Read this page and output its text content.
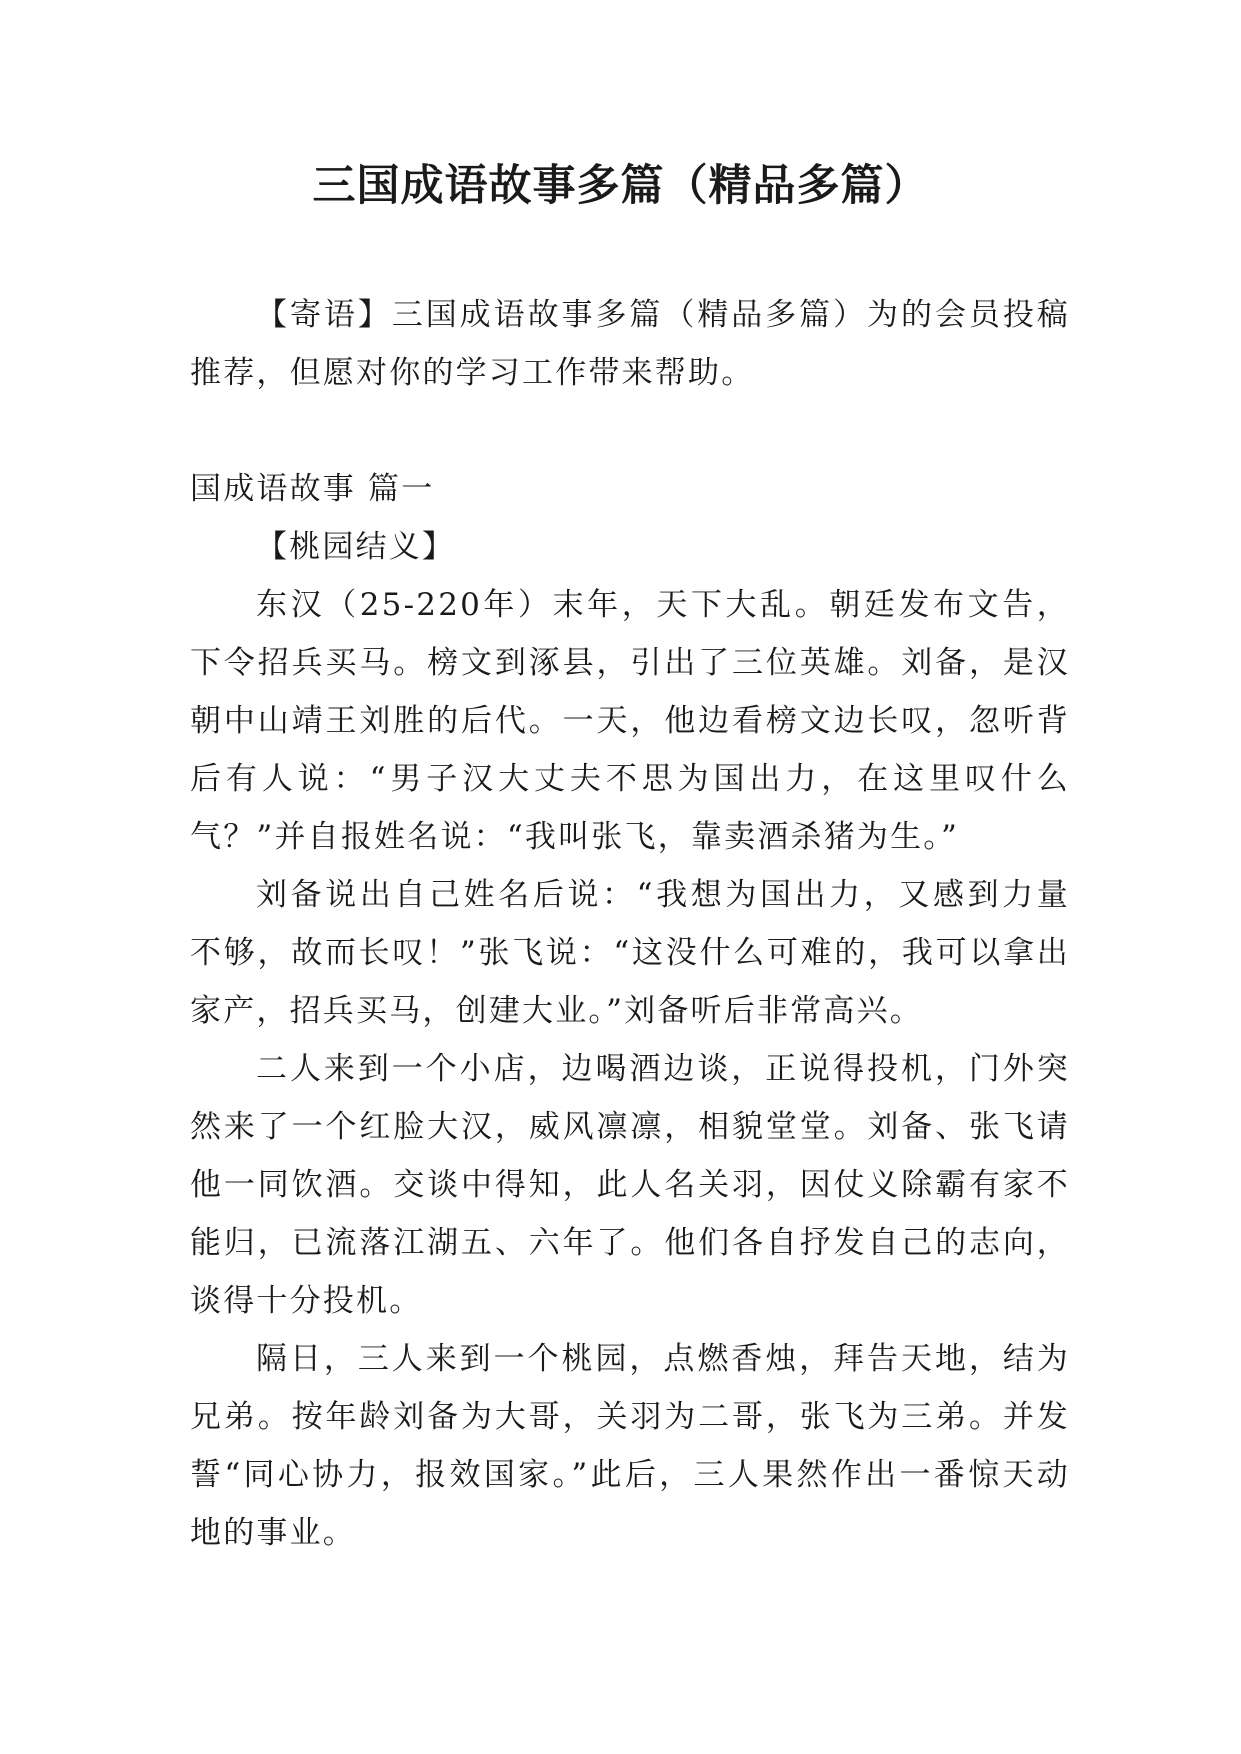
三国成语故事多篇（精品多篇）

【寄语】三国成语故事多篇（精品多篇）为的会员投稿推荐，但愿对你的学习工作带来帮助。

国成语故事 篇一

【桃园结义】

东汉（25-220年）末年，天下大乱。朝廷发布文告，下令招兵买马。榜文到涿县，引出了三位英雄。刘备，是汉朝中山靖王刘胜的后代。一天，他边看榜文边长叹，忽听背后有人说：“男子汉大丈夫不思为国出力，在这里叹什么气？”并自报姓名说：“我叫张飞，靠卖酒杀猪为生。”

刘备说出自己姓名后说：“我想为国出力，又感到力量不够，故而长叹！”张飞说：“这没什么可难的，我可以拿出家产，招兵买马，创建大业。”刘备听后非常高兴。

二人来到一个小店，边喝酒边谈，正说得投机，门外突然来了一个红脸大汉，威风凛凛，相貌堂堂。刘备、张飞请他一同饮酒。交谈中得知，此人名关羽，因仗义除霸有家不能归，已流落江湖五、六年了。他们各自抒发自己的志向，谈得十分投机。

隔日，三人来到一个桃园，点燃香烛，拜告天地，结为兄弟。按年龄刘备为大哥，关羽为二哥，张飞为三弟。并发誓“同心协力，报效国家。”此后，三人果然作出一番惊天动地的事业。
